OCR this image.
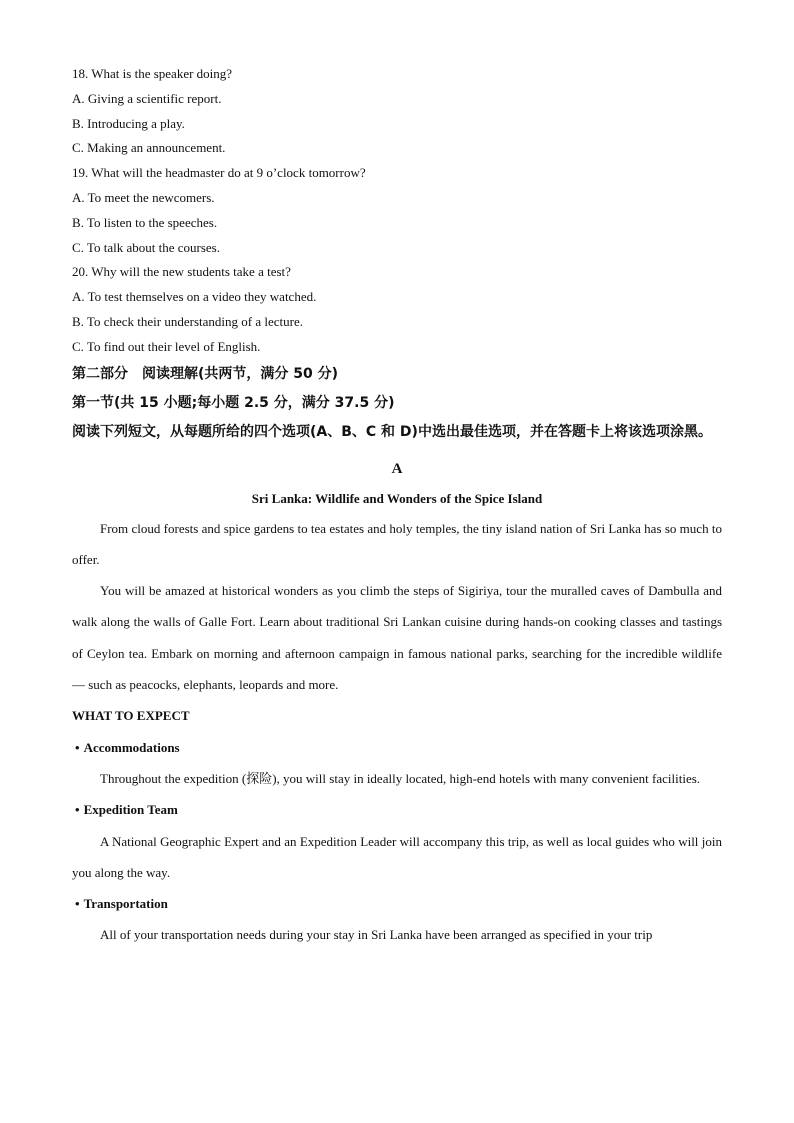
18. What is the speaker doing?
A. Giving a scientific report.
B. Introducing a play.
C. Making an announcement.
19. What will the headmaster do at 9 o’clock tomorrow?
A. To meet the newcomers.
B. To listen to the speeches.
C. To talk about the courses.
20. Why will the new students take a test?
A. To test themselves on a video they watched.
B. To check their understanding of a lecture.
C. To find out their level of English.
第二部分　阅读理解(共两节，满分 50 分)
第一节(共 15 小题;每小题 2.5 分，满分 37.5 分)
阅读下列短文，从每题所给的四个选项(A、B、C 和 D)中选出最佳选项，并在答题卡上将该选项涂黑。
A
Sri Lanka: Wildlife and Wonders of the Spice Island
From cloud forests and spice gardens to tea estates and holy temples, the tiny island nation of Sri Lanka has so much to offer.
You will be amazed at historical wonders as you climb the steps of Sigiriya, tour the muralled caves of Dambulla and walk along the walls of Galle Fort. Learn about traditional Sri Lankan cuisine during hands-on cooking classes and tastings of Ceylon tea. Embark on morning and afternoon campaign in famous national parks, searching for the incredible wildlife — such as peacocks, elephants, leopards and more.
WHAT TO EXPECT
• Accommodations
Throughout the expedition (探险), you will stay in ideally located, high-end hotels with many convenient facilities.
• Expedition Team
A National Geographic Expert and an Expedition Leader will accompany this trip, as well as local guides who will join you along the way.
• Transportation
All of your transportation needs during your stay in Sri Lanka have been arranged as specified in your trip
